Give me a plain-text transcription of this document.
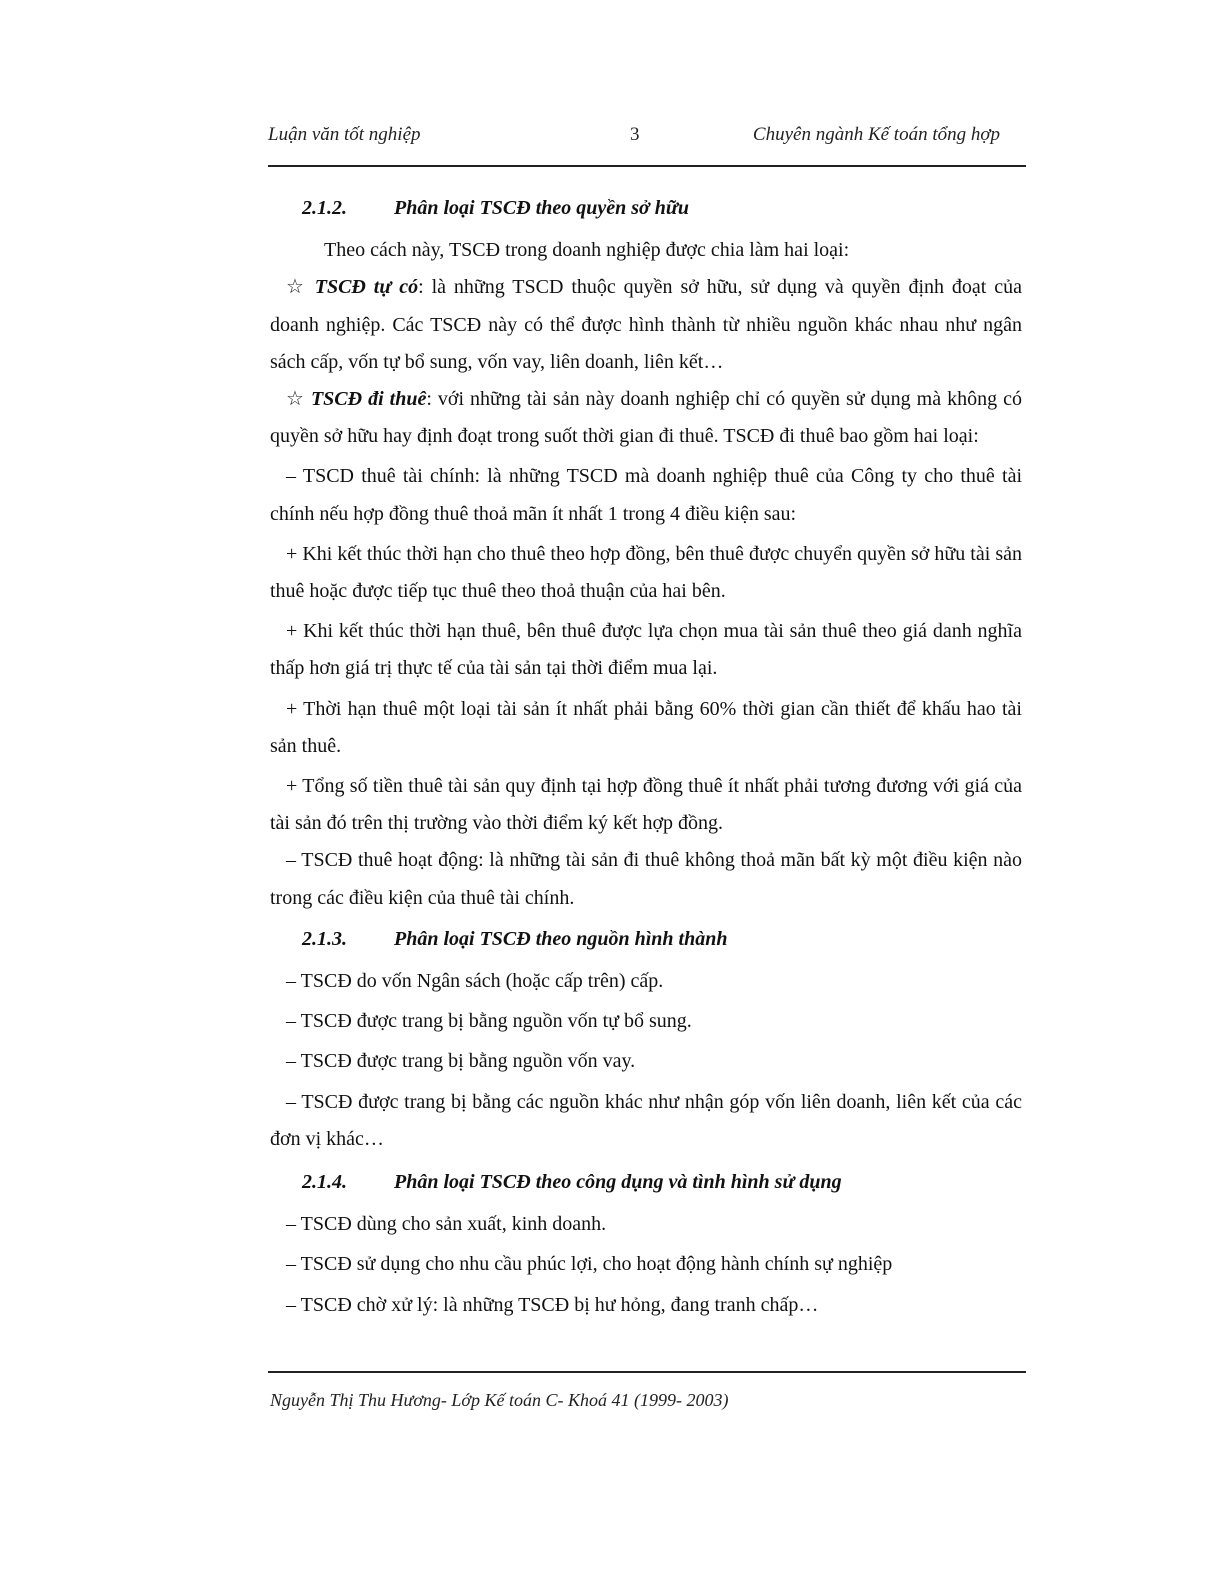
Luận văn tốt nghiệp	3	Chuyên ngành Kế toán tổng hợp
2.1.2. Phân loại TSCĐ theo quyền sở hữu

Theo cách này, TSCĐ trong doanh nghiệp được chia làm hai loại:

☆ TSCĐ tự có: là những TSCD thuộc quyền sở hữu, sử dụng và quyền định đoạt của doanh nghiệp. Các TSCĐ này có thể được hình thành từ nhiều nguồn khác nhau như ngân sách cấp, vốn tự bổ sung, vốn vay, liên doanh, liên kết…

☆ TSCĐ đi thuê: với những tài sản này doanh nghiệp chỉ có quyền sử dụng mà không có quyền sở hữu hay định đoạt trong suốt thời gian đi thuê. TSCĐ đi thuê bao gồm hai loại:

– TSCD thuê tài chính: là những TSCD mà doanh nghiệp thuê của Công ty cho thuê tài chính nếu hợp đồng thuê thoả mãn ít nhất 1 trong 4 điều kiện sau:

+ Khi kết thúc thời hạn cho thuê theo hợp đồng, bên thuê được chuyển quyền sở hữu tài sản thuê hoặc được tiếp tục thuê theo thoả thuận của hai bên.

+ Khi kết thúc thời hạn thuê, bên thuê được lựa chọn mua tài sản thuê theo giá danh nghĩa thấp hơn giá trị thực tế của tài sản tại thời điểm mua lại.

+ Thời hạn thuê một loại tài sản ít nhất phải bằng 60% thời gian cần thiết để khấu hao tài sản thuê.

+ Tổng số tiền thuê tài sản quy định tại hợp đồng thuê ít nhất phải tương đương với giá của tài sản đó trên thị trường vào thời điểm ký kết hợp đồng.

– TSCĐ thuê hoạt động: là những tài sản đi thuê không thoả mãn bất kỳ một điều kiện nào trong các điều kiện của thuê tài chính.

2.1.3. Phân loại TSCĐ theo nguồn hình thành

– TSCĐ do vốn Ngân sách (hoặc cấp trên) cấp.

– TSCĐ được trang bị bằng nguồn vốn tự bổ sung.

– TSCĐ được trang bị bằng nguồn vốn vay.

– TSCĐ được trang bị bằng các nguồn khác như nhận góp vốn liên doanh, liên kết của các đơn vị khác…

2.1.4. Phân loại TSCĐ theo công dụng và tình hình sử dụng

– TSCĐ dùng cho sản xuất, kinh doanh.

– TSCĐ sử dụng cho nhu cầu phúc lợi, cho hoạt động hành chính sự nghiệp

– TSCĐ chờ xử lý: là những TSCĐ bị hư hỏng, đang tranh chấp…

Nguyễn Thị Thu Hương- Lớp Kế toán C- Khoá 41 (1999- 2003)
